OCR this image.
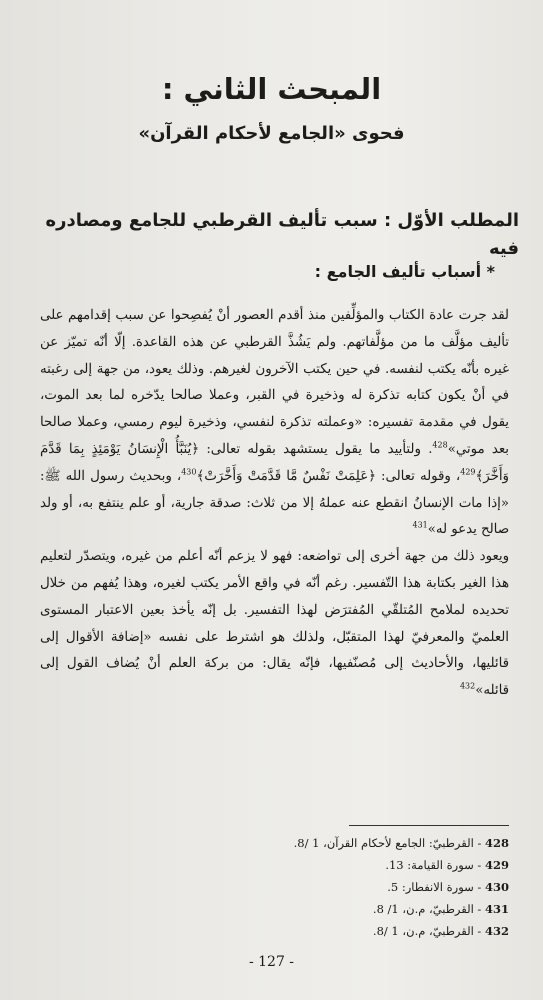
المبحث الثاني :
فحوى «الجامع لأحكام القرآن»
المطلب الأوّل : سبب تأليف القرطبي للجامع ومصادره فيه
* أسباب تأليف الجامع :

لقد جرت عادة الكتاب والمؤلِّفين منذ أقدم العصور أنْ يُفصِحوا عن سبب إقدامهم على تأليف مؤلَّف ما من مؤلَّفاتهم. ولم يَشُذَّ القرطبي عن هذه القاعدة. إلّا أنّه تميّز عن غيره بأنّه يكتب لنفسه. في حين يكتب الآخرون لغيرهم. وذلك يعود، من جهة إلى رغبته في أنْ يكون كتابه تذكرة له وذخيرة في القبر، وعملا صالحا يدّخره لما بعد الموت، يقول في مقدمة تفسيره: «وعملته تذكرة لنفسي، وذخيرة ليوم رمسي، وعملا صالحا بعد موتي»$^{428}$. ولتأييد ما يقول يستشهد بقوله تعالى: ﴿يُنَبَّأُ الْإِنسَانُ يَوْمَئِذٍ بِمَا قَدَّمَ وَأَخَّرَ﴾$^{429}$، وقوله تعالى: ﴿عَلِمَتْ نَفْسٌ مَّا قَدَّمَتْ وَأَخَّرَتْ﴾$^{430}$، وبحديث رسول الله ﷺ: «إذا مات الإنسانُ انقطع عنه عملهُ إلا من ثلاث: صدقة جارية، أو علم ينتفع به، أو ولد صالح يدعو له»$^{431}$

ويعود ذلك من جهة أخرى إلى تواضعه: فهو لا يزعم أنّه أعلم من غيره، ويتصدّر لتعليم هذا الغير بكتابة هذا التّفسير. رغم أنّه في واقع الأمر يكتب لغيره، وهذا يُفهم من خلال تحديده لملامح المُتلقّي المُفترَض لهذا التفسير. بل إنّه يأخذ بعين الاعتبار المستوى العلميّ والمعرفيّ لهذا المتقبّل، ولذلك هو اشترط على نفسه «إضافة الأقوال إلى قائليها، والأحاديث إلى مُصنّفيها، فإنّه يقال: من بركة العلم أنْ يُضاف القول إلى قائله»$^{432}$

428 - القرطبيّ: الجامع لأحكام القرآن، 1 /8.
429 - سورة القيامة: 13.
430 - سورة الانفطار: 5.
431 - القرطبيّ، م.ن، 1/ 8.
432 - القرطبيّ، م.ن، 1 /8.
- 127 -
